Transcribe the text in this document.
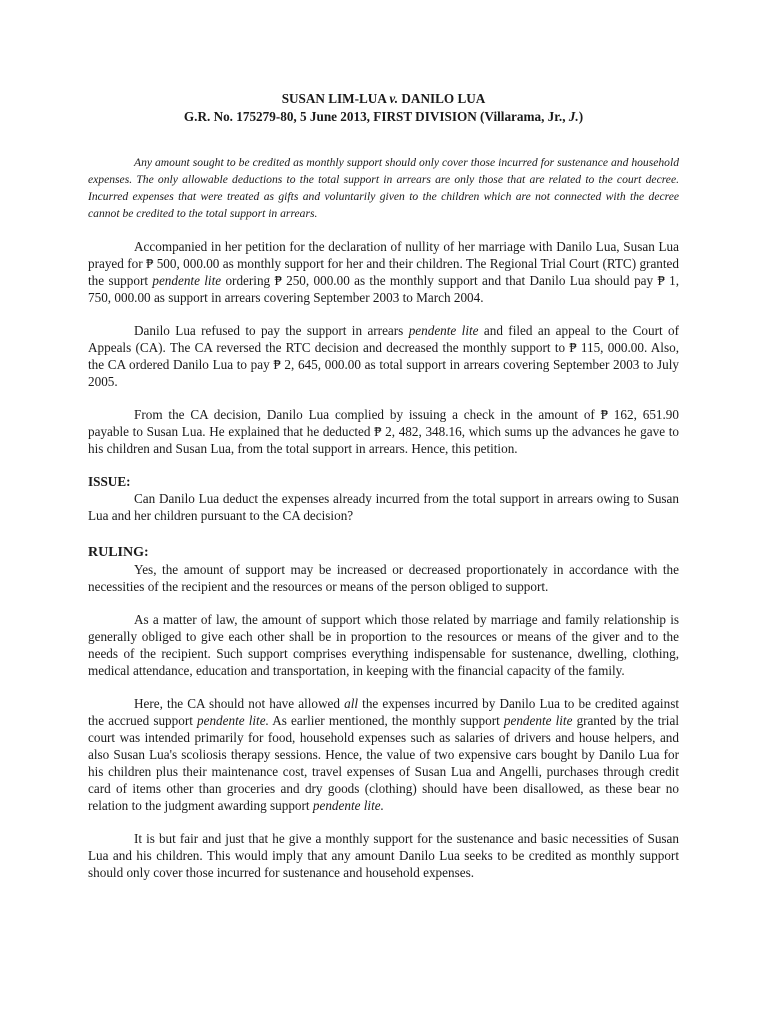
SUSAN LIM-LUA v. DANILO LUA

G.R. No. 175279-80, 5 June 2013, FIRST DIVISION (Villarama, Jr., J.)

Any amount sought to be credited as monthly support should only cover those incurred for sustenance and household expenses. The only allowable deductions to the total support in arrears are only those that are related to the court decree. Incurred expenses that were treated as gifts and voluntarily given to the children which are not connected with the decree cannot be credited to the total support in arrears.

Accompanied in her petition for the declaration of nullity of her marriage with Danilo Lua, Susan Lua prayed for ₱ 500, 000.00 as monthly support for her and their children. The Regional Trial Court (RTC) granted the support pendente lite ordering ₱ 250, 000.00 as the monthly support and that Danilo Lua should pay ₱ 1, 750, 000.00 as support in arrears covering September 2003 to March 2004.

Danilo Lua refused to pay the support in arrears pendente lite and filed an appeal to the Court of Appeals (CA). The CA reversed the RTC decision and decreased the monthly support to ₱ 115, 000.00. Also, the CA ordered Danilo Lua to pay ₱ 2, 645, 000.00 as total support in arrears covering September 2003 to July 2005.

From the CA decision, Danilo Lua complied by issuing a check in the amount of ₱ 162, 651.90 payable to Susan Lua. He explained that he deducted ₱ 2, 482, 348.16, which sums up the advances he gave to his children and Susan Lua, from the total support in arrears. Hence, this petition.

ISSUE:

Can Danilo Lua deduct the expenses already incurred from the total support in arrears owing to Susan Lua and her children pursuant to the CA decision?

RULING:

Yes, the amount of support may be increased or decreased proportionately in accordance with the necessities of the recipient and the resources or means of the person obliged to support.

As a matter of law, the amount of support which those related by marriage and family relationship is generally obliged to give each other shall be in proportion to the resources or means of the giver and to the needs of the recipient. Such support comprises everything indispensable for sustenance, dwelling, clothing, medical attendance, education and transportation, in keeping with the financial capacity of the family.

Here, the CA should not have allowed all the expenses incurred by Danilo Lua to be credited against the accrued support pendente lite. As earlier mentioned, the monthly support pendente lite granted by the trial court was intended primarily for food, household expenses such as salaries of drivers and house helpers, and also Susan Lua's scoliosis therapy sessions. Hence, the value of two expensive cars bought by Danilo Lua for his children plus their maintenance cost, travel expenses of Susan Lua and Angelli, purchases through credit card of items other than groceries and dry goods (clothing) should have been disallowed, as these bear no relation to the judgment awarding support pendente lite.

It is but fair and just that he give a monthly support for the sustenance and basic necessities of Susan Lua and his children. This would imply that any amount Danilo Lua seeks to be credited as monthly support should only cover those incurred for sustenance and household expenses.
